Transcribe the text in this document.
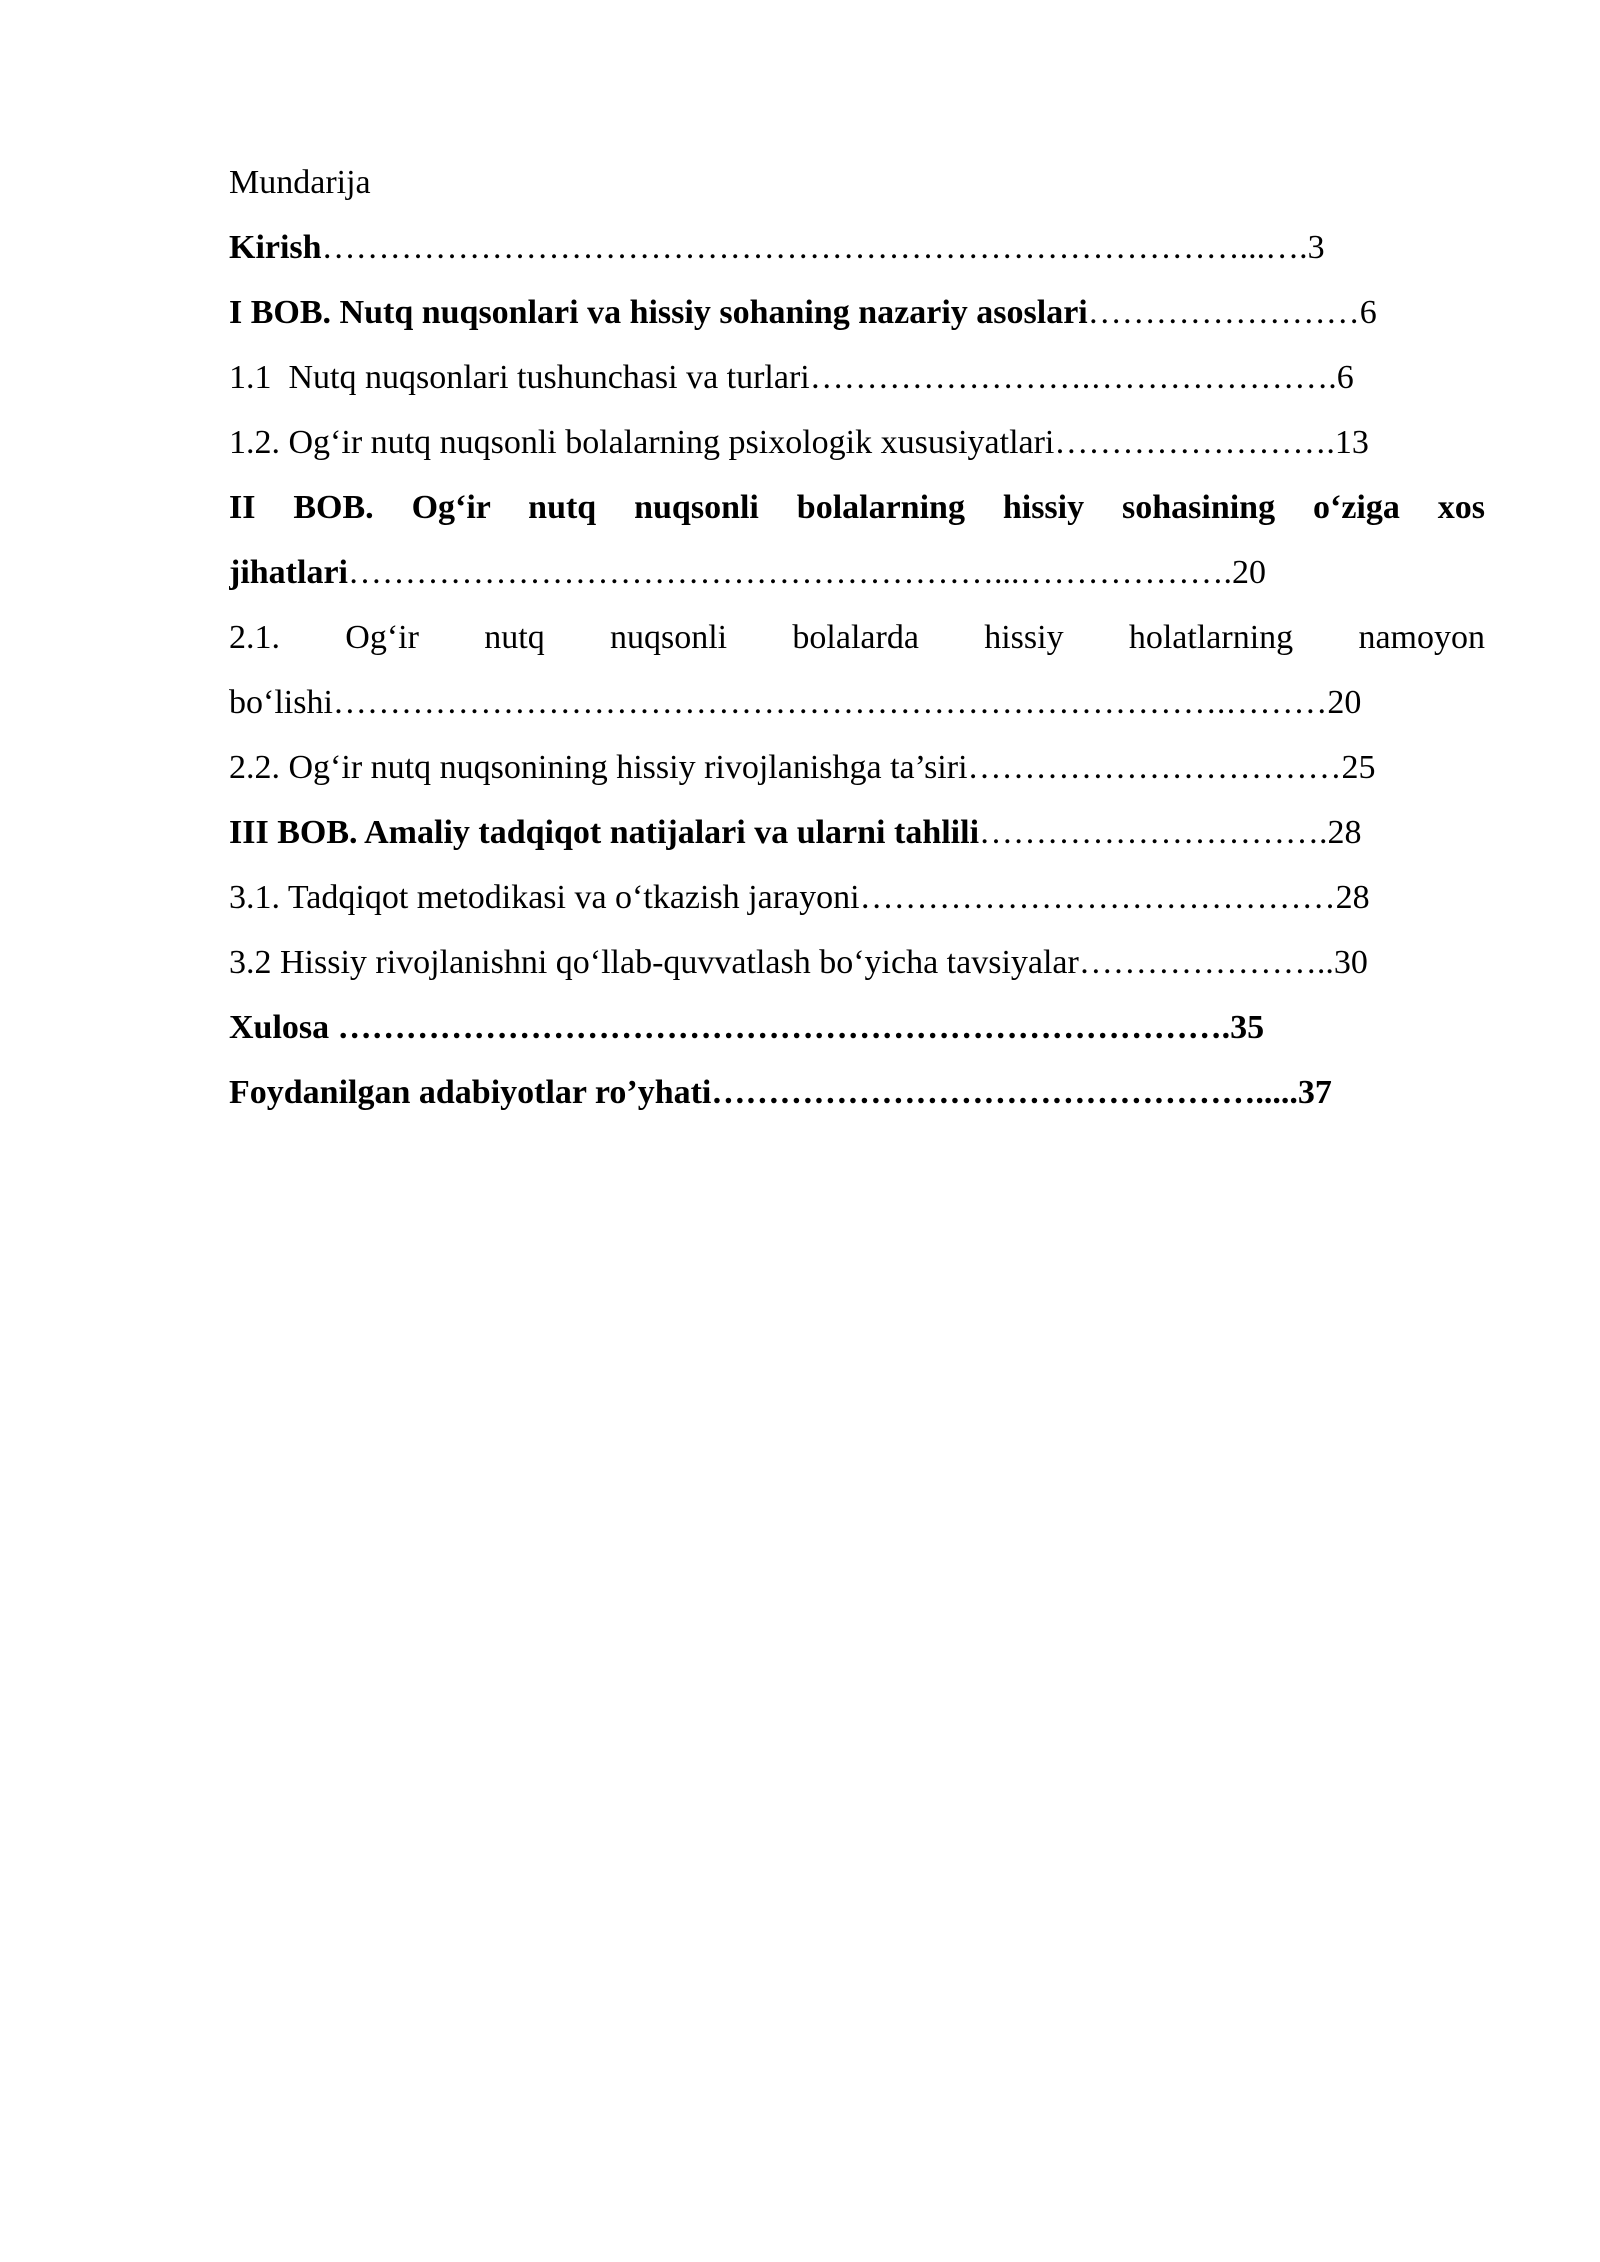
Mundarija
Kirish………………………………………………………………………...….3
I BOB. Nutq nuqsonlari va hissiy sohaning nazariy asoslari……………………6
1.1  Nutq nuqsonlari tushunchasi va turlari…………………….………………….6
1.2. Og‘ir nutq nuqsonli bolalarning psixologik xususiyatlari…………………….13
II BOB. Og‘ir nutq nuqsonli bolalarning hissiy sohasining o‘ziga xos
jihatlari…………………………………………………...……………….20
2.1. Og‘ir nutq nuqsonli bolalarda hissiy holatlarning namoyon
bo‘lishi…………………………………………………………………….………20
2.2. Og‘ir nutq nuqsonining hissiy rivojlanishga ta’siri……………………………25
III BOB. Amaliy tadqiqot natijalari va ularni tahlili………………………….28
3.1. Tadqiqot metodikasi va o‘tkazish jarayoni……………………………………28
3.2 Hissiy rivojlanishni qo‘llab-quvvatlash bo‘yicha tavsiyalar…………………..30
Xulosa …………………………………………………………………….35
Foydanilgan adabiyotlar ro’yhati………………………………………….....37
